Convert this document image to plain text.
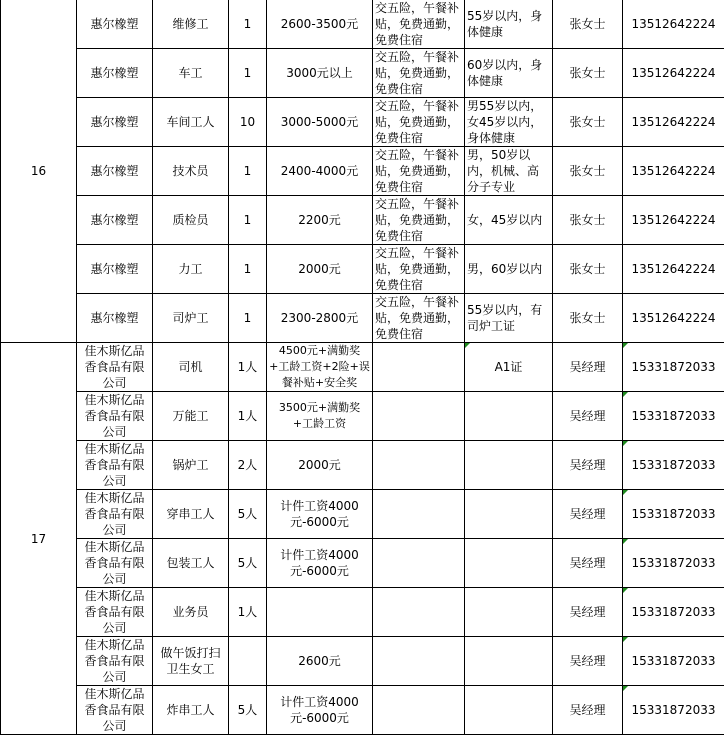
16	惠尔橡塑	维修工	1	2600-3500元	交五险，午餐补贴，免费通勤，免费住宿	55岁以内，身体健康	张女士	13512642224
	惠尔橡塑	车工	1	3000元以上	交五险，午餐补贴，免费通勤，免费住宿	60岁以内，身体健康	张女士	13512642224
	惠尔橡塑	车间工人	10	3000-5000元	交五险，午餐补贴，免费通勤，免费住宿	男55岁以内，女45岁以内，身体健康	张女士	13512642224
	惠尔橡塑	技术员	1	2400-4000元	交五险，午餐补贴，免费通勤，免费住宿	男，50岁以内，机械、高分子专业	张女士	13512642224
	惠尔橡塑	质检员	1	2200元	交五险，午餐补贴，免费通勤，免费住宿	女，45岁以内	张女士	13512642224
	惠尔橡塑	力工	1	2000元	交五险，午餐补贴，免费通勤，免费住宿	男，60岁以内	张女士	13512642224
	惠尔橡塑	司炉工	1	2300-2800元	交五险，午餐补贴，免费通勤，免费住宿	55岁以内，有司炉工证	张女士	13512642224
17	佳木斯亿品香食品有限公司	司机	1人	4500元+满勤奖+工龄工资+2险+误餐补贴+安全奖		A1证	吴经理	15331872033
	佳木斯亿品香食品有限公司	万能工	1人	3500元+满勤奖+工龄工资			吴经理	15331872033
	佳木斯亿品香食品有限公司	锅炉工	2人	2000元			吴经理	15331872033
	佳木斯亿品香食品有限公司	穿串工人	5人	计件工资4000元-6000元			吴经理	15331872033
	佳木斯亿品香食品有限公司	包装工人	5人	计件工资4000元-6000元			吴经理	15331872033
	佳木斯亿品香食品有限公司	业务员	1人				吴经理	15331872033
	佳木斯亿品香食品有限公司	做午饭打扫卫生女工		2600元			吴经理	15331872033
	佳木斯亿品香食品有限公司	炸串工人	5人	计件工资4000元-6000元			吴经理	15331872033
